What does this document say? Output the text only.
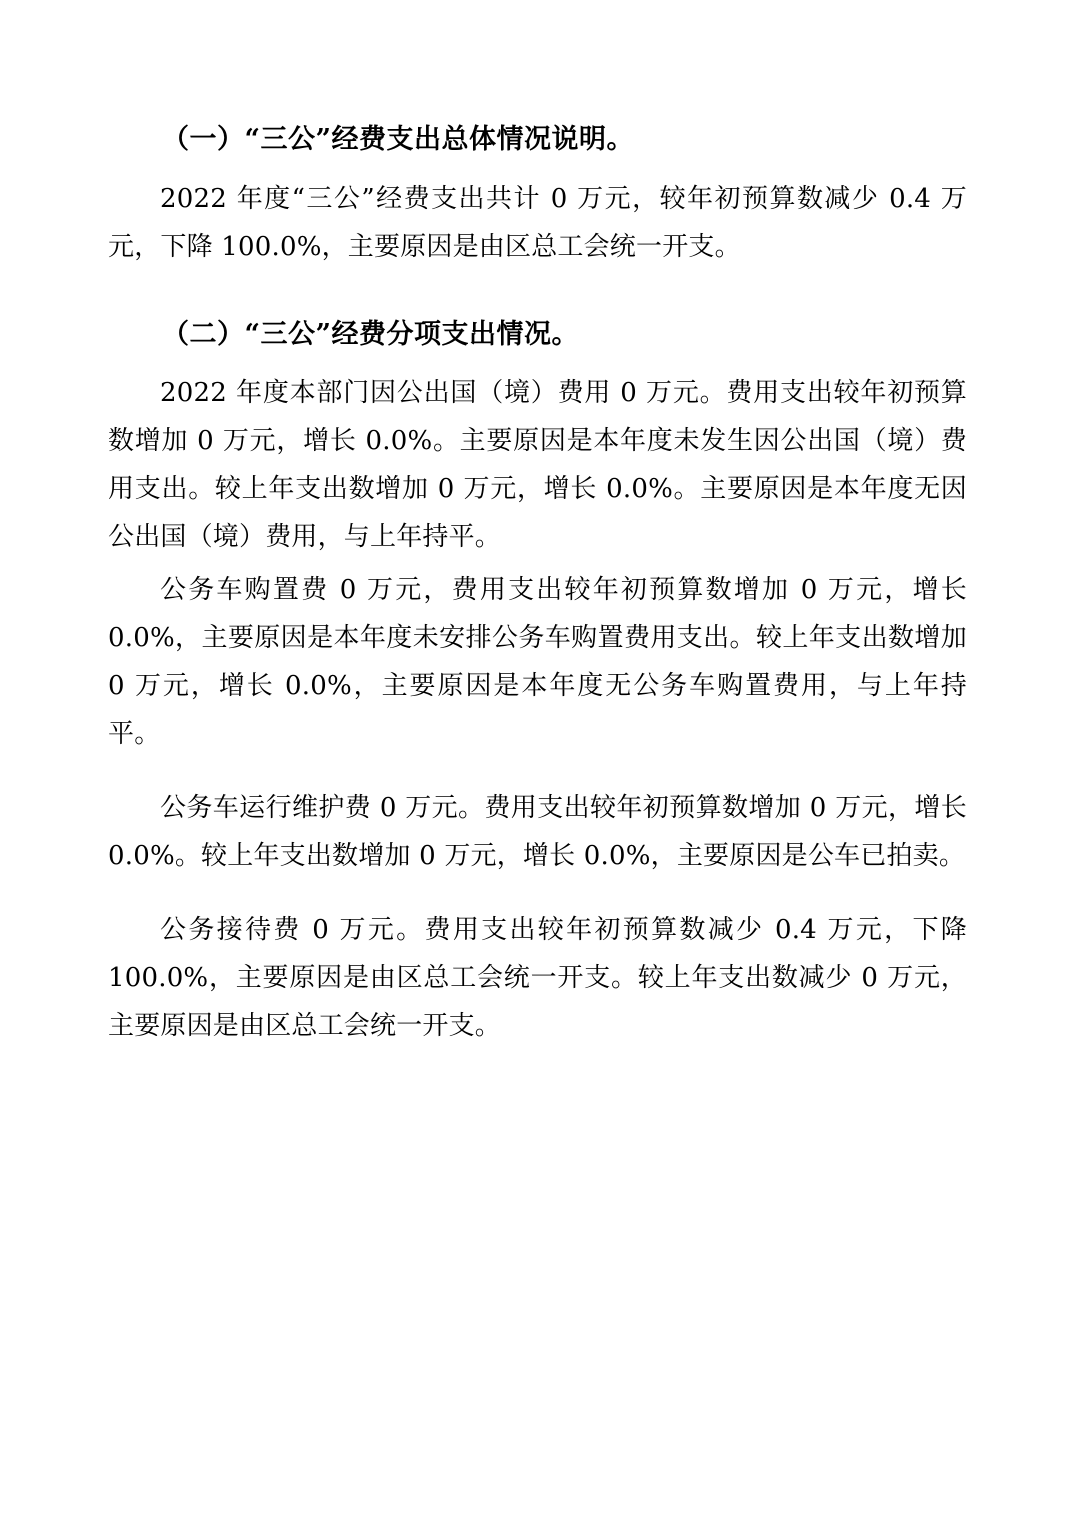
（一）“三公”经费支出总体情况说明。

2022 年度“三公”经费支出共计 0 万元，较年初预算数减少 0.4 万元，下降 100.0%，主要原因是由区总工会统一开支。

（二）“三公”经费分项支出情况。

2022 年度本部门因公出国（境）费用 0 万元。费用支出较年初预算数增加 0 万元，增长 0.0%。主要原因是本年度未发生因公出国（境）费用支出。较上年支出数增加 0 万元，增长 0.0%。主要原因是本年度无因公出国（境）费用，与上年持平。

公务车购置费 0 万元，费用支出较年初预算数增加 0 万元，增长 0.0%，主要原因是本年度未安排公务车购置费用支出。较上年支出数增加 0 万元，增长 0.0%，主要原因是本年度无公务车购置费用，与上年持平。

公务车运行维护费 0 万元。费用支出较年初预算数增加 0 万元，增长 0.0%。较上年支出数增加 0 万元，增长 0.0%，主要原因是公车已拍卖。

公务接待费 0 万元。费用支出较年初预算数减少 0.4 万元，下降 100.0%，主要原因是由区总工会统一开支。较上年支出数减少 0 万元，主要原因是由区总工会统一开支。
